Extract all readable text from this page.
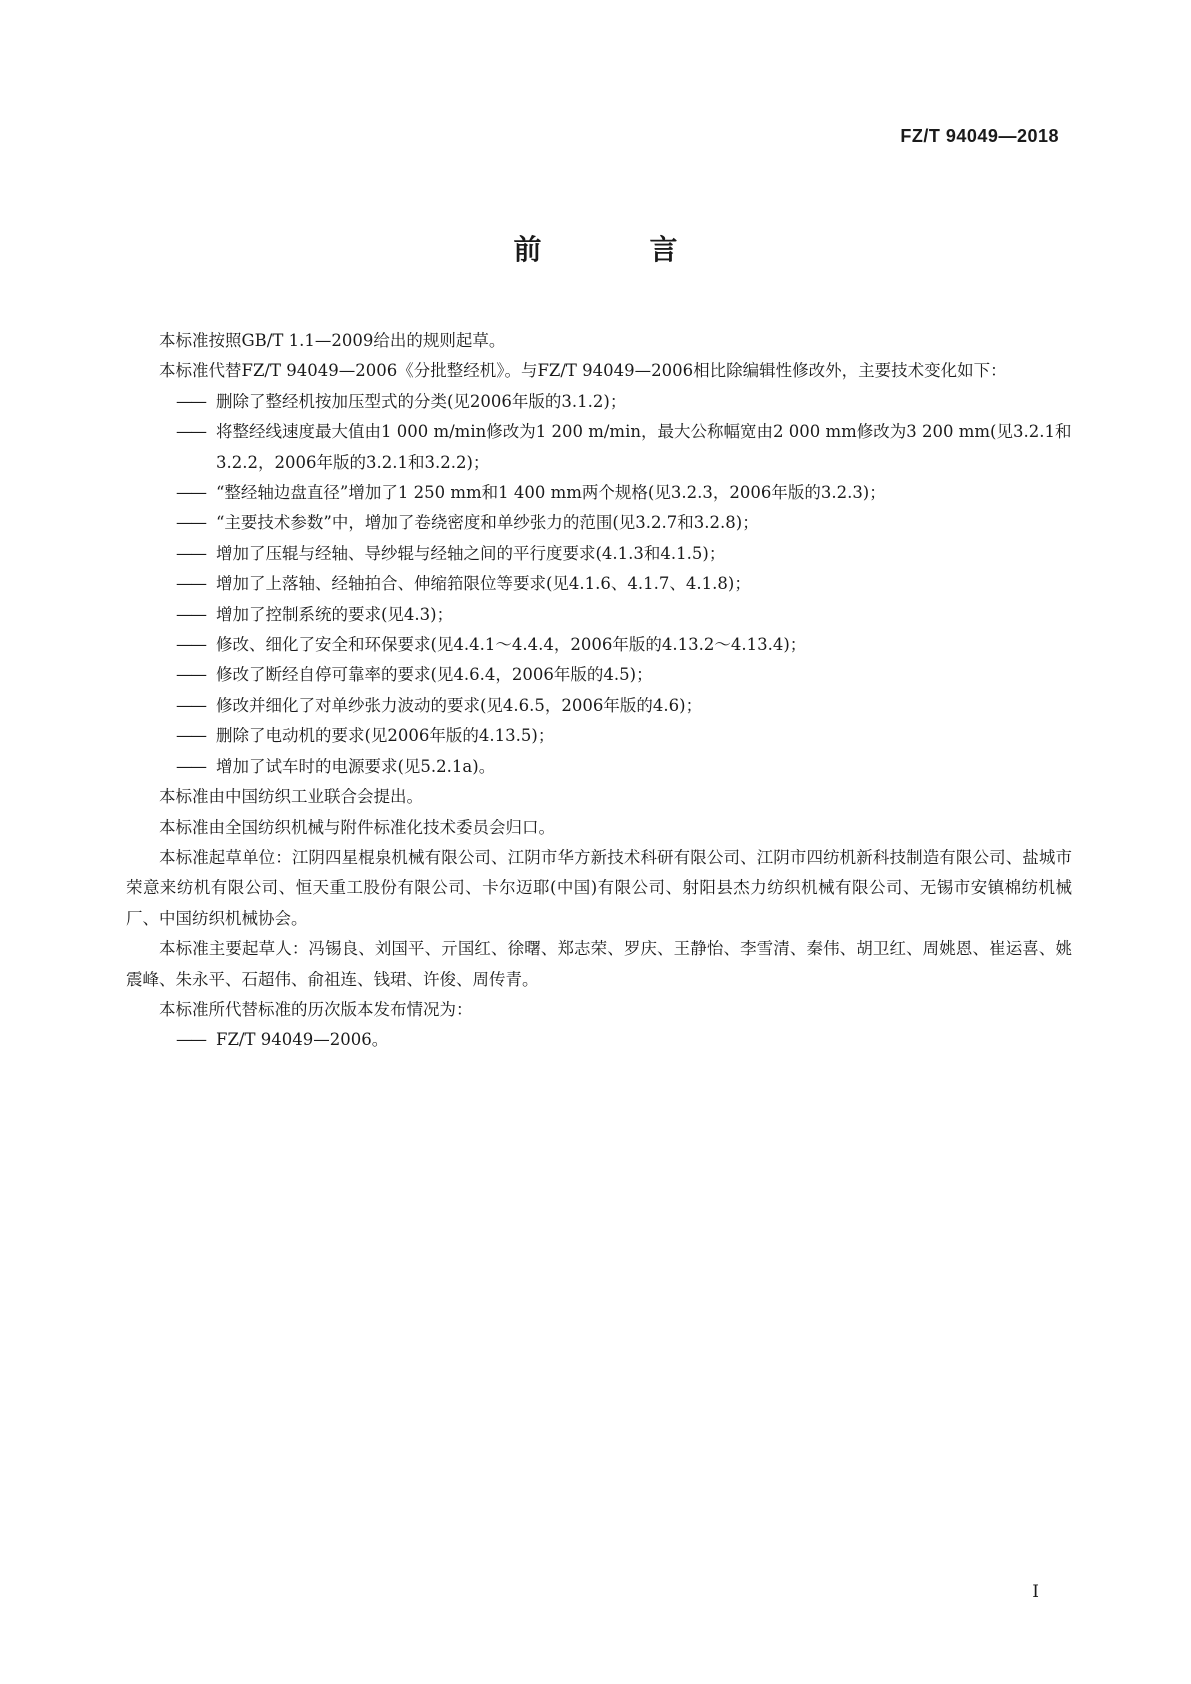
FZ/T 94049—2018
前　言

本标准按照GB/T 1.1—2009给出的规则起草。

本标准代替FZ/T 94049—2006《分批整经机》。与FZ/T 94049—2006相比除编辑性修改外，主要技术变化如下：

—— 删除了整经机按加压型式的分类(见2006年版的3.1.2)；

—— 将整经线速度最大值由1 000 m/min修改为1 200 m/min，最大公称幅宽由2 000 mm修改为3 200 mm(见3.2.1和3.2.2，2006年版的3.2.1和3.2.2)；

—— “整经轴边盘直径”增加了1 250 mm和1 400 mm两个规格(见3.2.3，2006年版的3.2.3)；

—— “主要技术参数”中，增加了卷绕密度和单纱张力的范围(见3.2.7和3.2.8)；

—— 增加了压辊与经轴、导纱辊与经轴之间的平行度要求(4.1.3和4.1.5)；

—— 增加了上落轴、经轴拍合、伸缩筘限位等要求(见4.1.6、4.1.7、4.1.8)；

—— 增加了控制系统的要求(见4.3)；

—— 修改、细化了安全和环保要求(见4.4.1～4.4.4，2006年版的4.13.2～4.13.4)；

—— 修改了断经自停可靠率的要求(见4.6.4，2006年版的4.5)；

—— 修改并细化了对单纱张力波动的要求(见4.6.5，2006年版的4.6)；

—— 删除了电动机的要求(见2006年版的4.13.5)；

—— 增加了试车时的电源要求(见5.2.1a)。

本标准由中国纺织工业联合会提出。

本标准由全国纺织机械与附件标准化技术委员会归口。

本标准起草单位：江阴四星棍泉机械有限公司、江阴市华方新技术科研有限公司、江阴市四纺机新科技制造有限公司、盐城市荣意来纺机有限公司、恒天重工股份有限公司、卡尔迈耶(中国)有限公司、射阳县杰力纺织机械有限公司、无锡市安镇棉纺机械厂、中国纺织机械协会。

本标准主要起草人：冯锡良、刘国平、亓国红、徐曙、郑志荣、罗庆、王静怡、李雪清、秦伟、胡卫红、周姚恩、崔运喜、姚震峰、朱永平、石超伟、俞祖连、钱珺、许俊、周传青。

本标准所代替标准的历次版本发布情况为：

—— FZ/T 94049—2006。

I
